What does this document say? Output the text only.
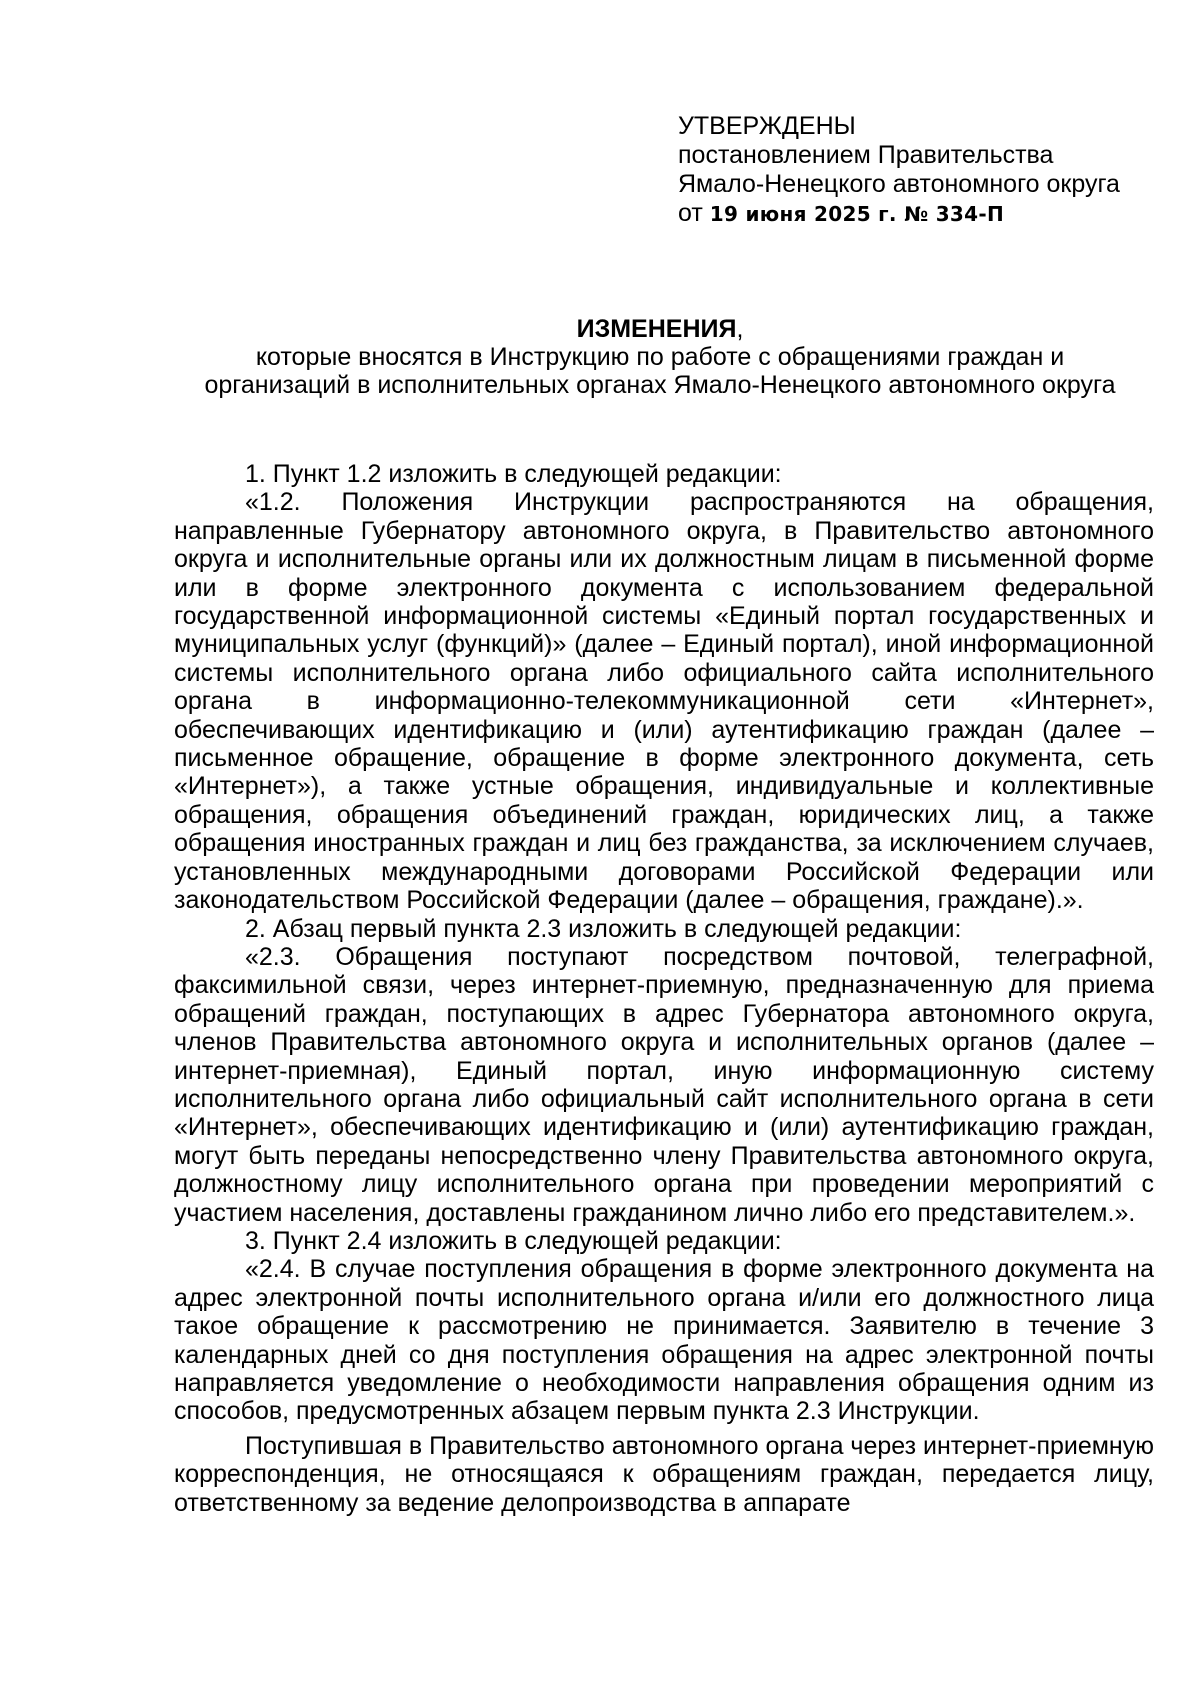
УТВЕРЖДЕНЫ

постановлением Правительства

Ямало-Ненецкого автономного округа

от 19 июня 2025 г. № 334-П

ИЗМЕНЕНИЯ,

которые вносятся в Инструкцию по работе с обращениями граждан и

организаций в исполнительных органах Ямало-Ненецкого автономного округа

1. Пункт 1.2 изложить в следующей редакции:

«1.2. Положения Инструкции распространяются на обращения, направленные Губернатору автономного округа, в Правительство автономного округа и исполнительные органы или их должностным лицам в письменной форме или в форме электронного документа с использованием федеральной государственной информационной системы «Единый портал государственных и муниципальных услуг (функций)» (далее – Единый портал), иной информационной системы исполнительного органа либо официального сайта исполнительного органа в информационно-телекоммуникационной сети «Интернет», обеспечивающих идентификацию и (или) аутентификацию граждан (далее – письменное обращение, обращение в форме электронного документа, сеть «Интернет»), а также устные обращения, индивидуальные и коллективные обращения, обращения объединений граждан, юридических лиц, а также обращения иностранных граждан и лиц без гражданства, за исключением случаев, установленных международными договорами Российской Федерации или законодательством Российской Федерации (далее – обращения, граждане).».

2. Абзац первый пункта 2.3 изложить в следующей редакции:

«2.3. Обращения поступают посредством почтовой, телеграфной, факсимильной связи, через интернет-приемную, предназначенную для приема обращений граждан, поступающих в адрес Губернатора автономного округа, членов Правительства автономного округа и исполнительных органов (далее – интернет-приемная), Единый портал, иную информационную систему исполнительного органа либо официальный сайт исполнительного органа в сети «Интернет», обеспечивающих идентификацию и (или) аутентификацию граждан, могут быть переданы непосредственно члену Правительства автономного округа, должностному лицу исполнительного органа при проведении мероприятий с участием населения, доставлены гражданином лично либо его представителем.».

3. Пункт 2.4 изложить в следующей редакции:

«2.4. В случае поступления обращения в форме электронного документа на адрес электронной почты исполнительного органа и/или его должностного лица такое обращение к рассмотрению не принимается. Заявителю в течение 3 календарных дней со дня поступления обращения на адрес электронной почты направляется уведомление о необходимости направления обращения одним из способов, предусмотренных абзацем первым пункта 2.3 Инструкции.

Поступившая в Правительство автономного органа через интернет-приемную корреспонденция, не относящаяся к обращениям граждан, передается лицу, ответственному за ведение делопроизводства в аппарате
